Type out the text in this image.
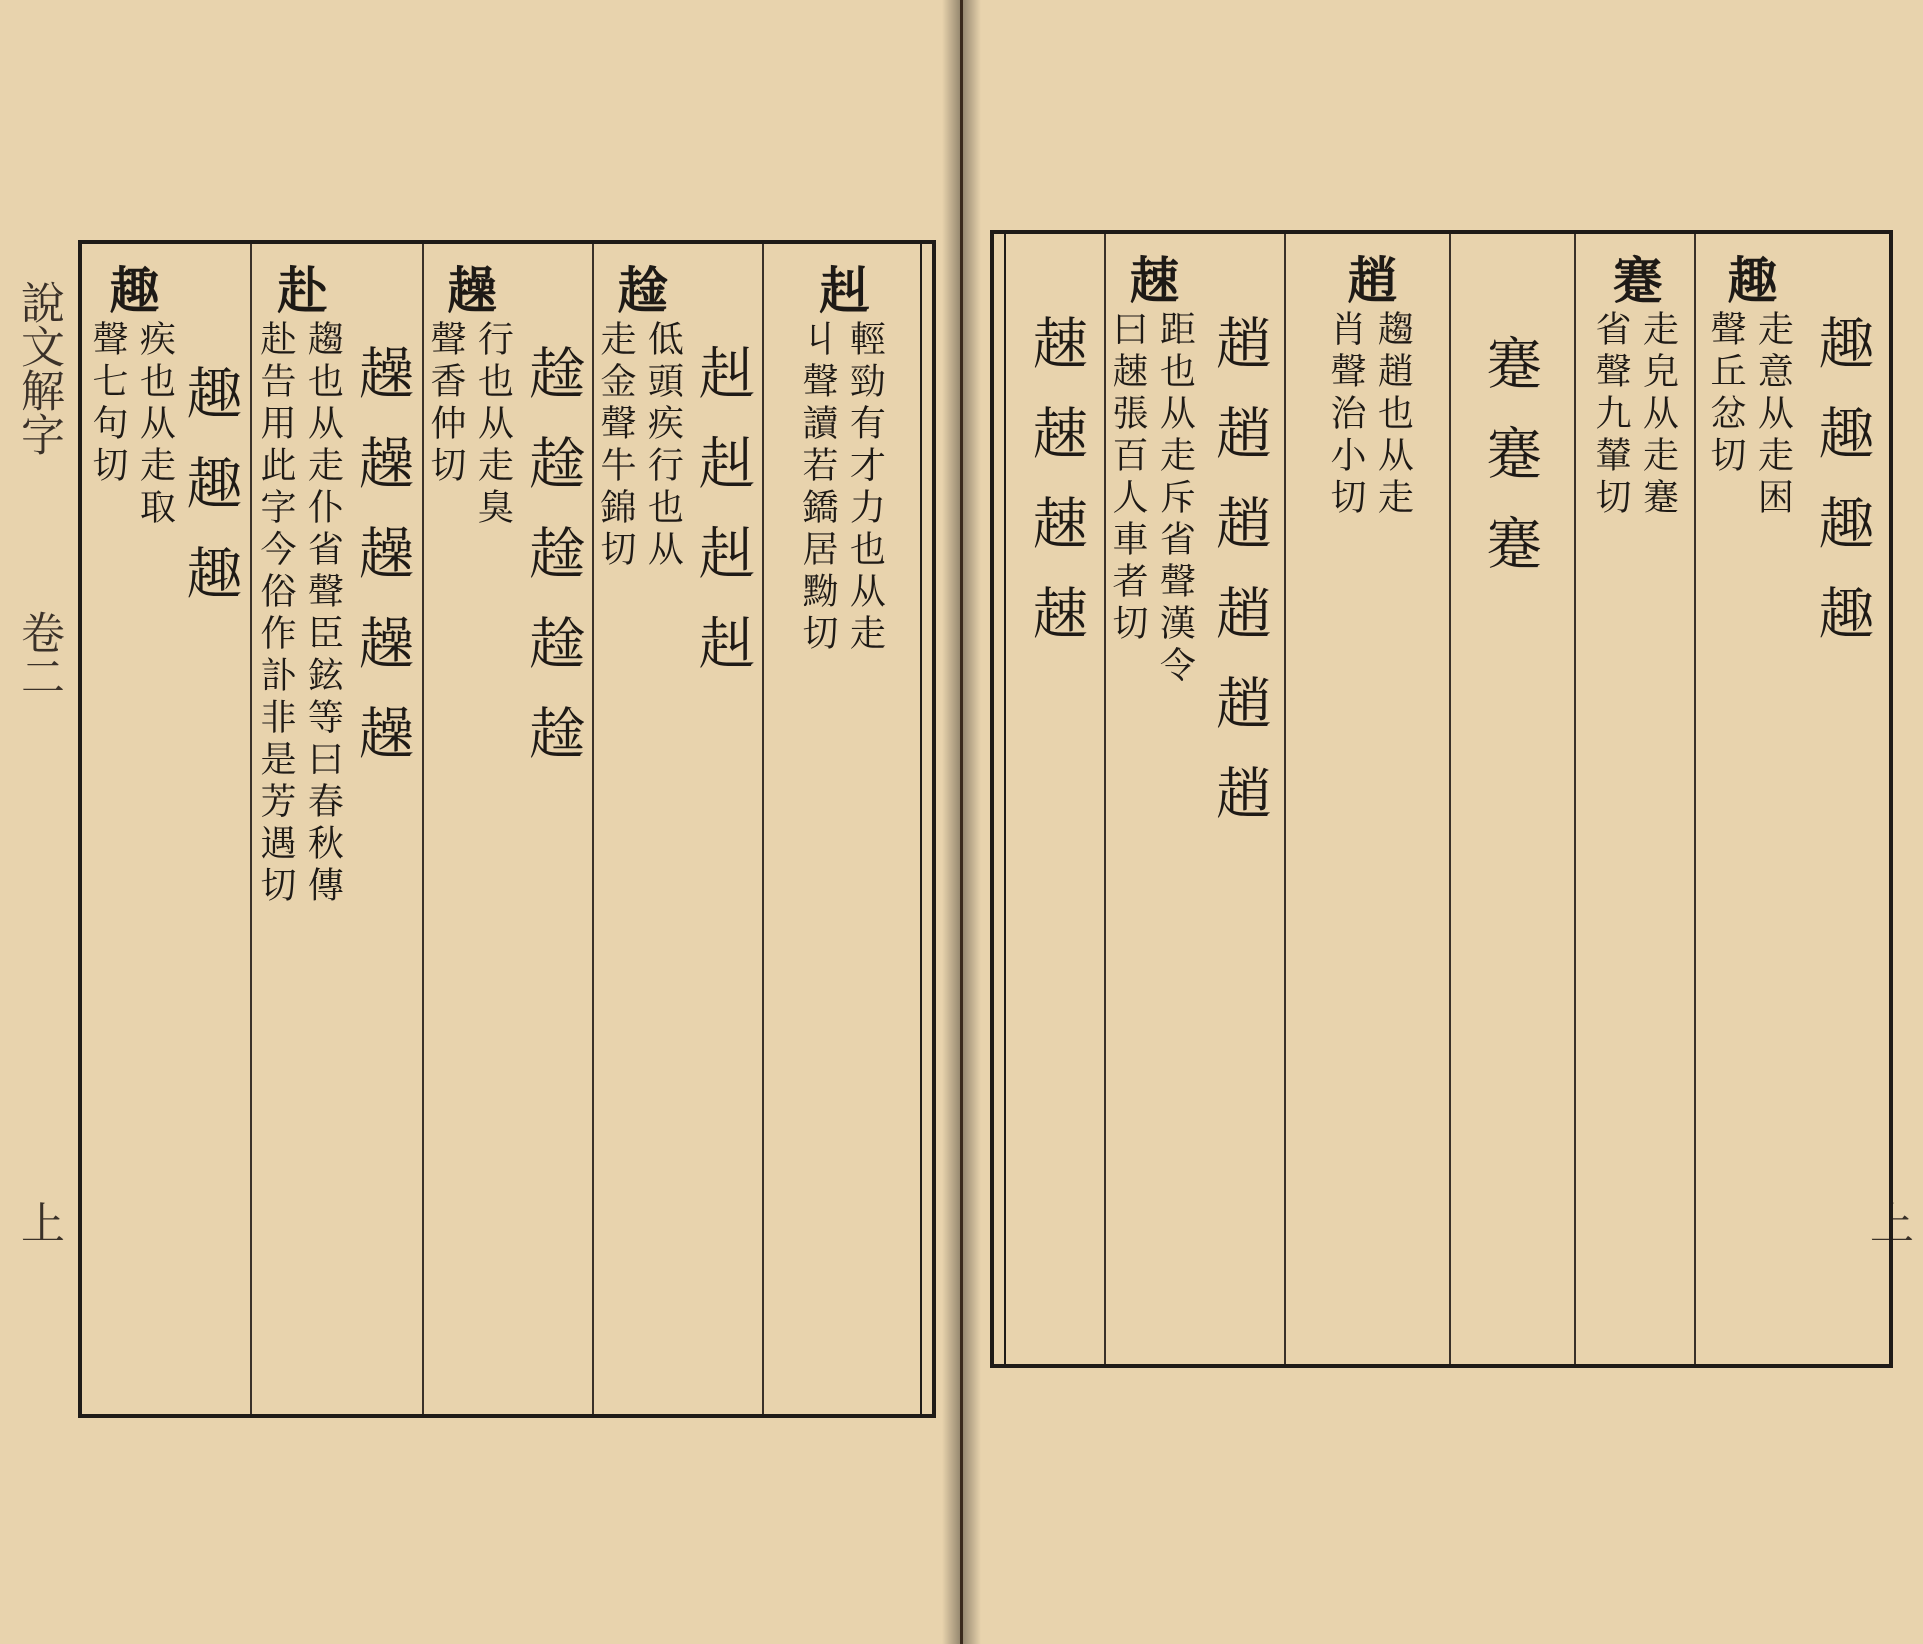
說文解字
卷二
上
赳
輕勁有才力也从走
丩聲讀若鐈居黝切
赳赳赳赳
趛
低頭疾行也从
走金聲牛錦切
趛趛趛趛趛
趮
行也从走臭
聲香仲切
趮趮趮趮趮
赴
趨也从走仆省聲臣鉉等曰春秋傳
赴告用此字今俗作訃非是芳遇切
趣
疾也从走取
聲七句切 趣趣趣
上
趣
走意从走困
聲丘忿切 趣趣趣趣
蹇
走皃从走蹇
省聲九輦切
蹇蹇蹇
趙
趨趙也从走
肖聲治小切
趙趙趙趙趙趙
趚
距也从走斥省聲漢令
曰趚張百人車者切
趚趚趚趚
